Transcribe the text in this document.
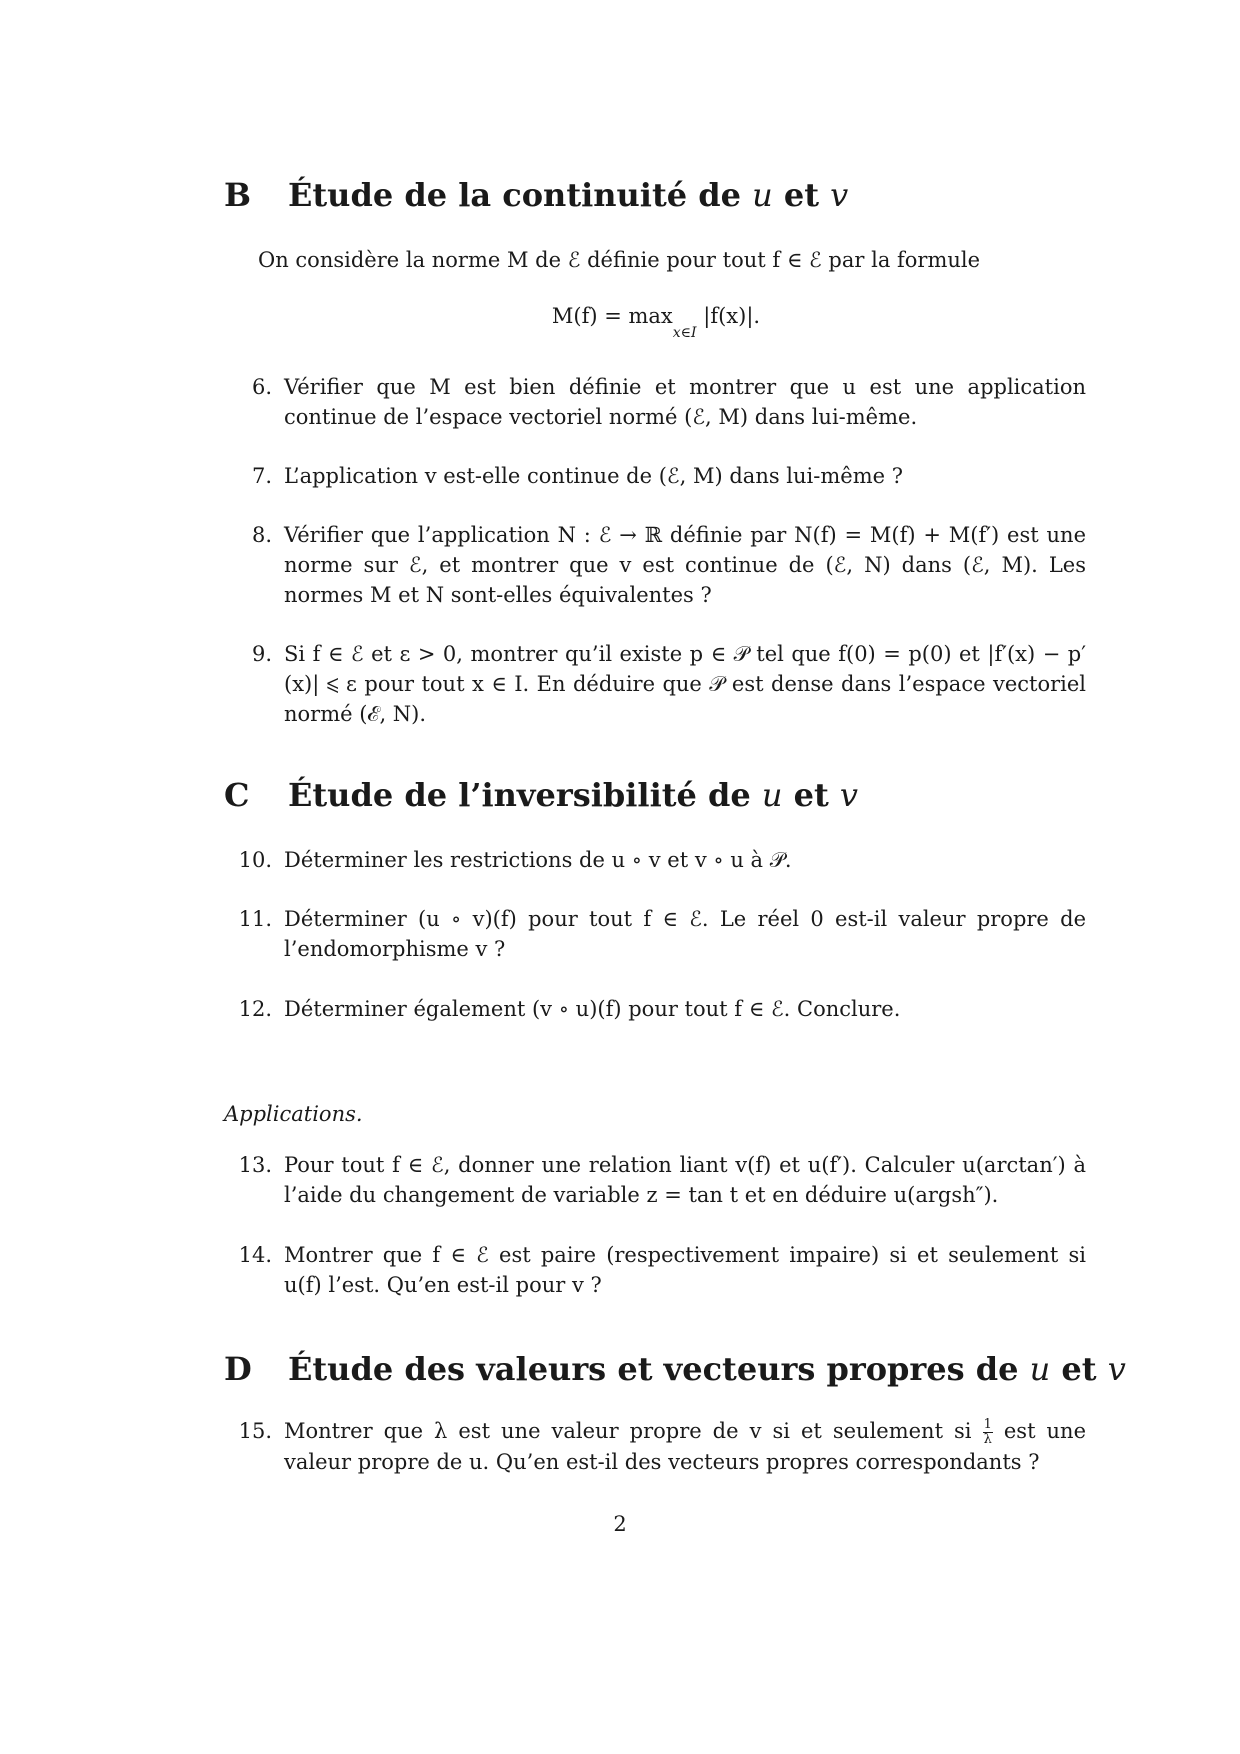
B	Étude de la continuité de
u
et
v
On considère la norme M de ℰ définie pour tout f ∈ ℰ par la formule
M(f) = max
x∈I
|f(x)|.
6. Vérifier que M est bien définie et montrer que u est une application continue de l’espace vectoriel normé (ℰ, M) dans lui-même.
7. L’application v est-elle continue de (ℰ, M) dans lui-même ?
8. Vérifier que l’application N : ℰ → ℝ définie par N(f) = M(f) + M(f′) est une norme sur ℰ, et montrer que v est continue de (ℰ, N) dans (ℰ, M). Les normes M et N sont-elles équivalentes ?
9. Si f ∈ ℰ et ε > 0, montrer qu’il existe p ∈ 𝒫 tel que f(0) = p(0) et |f′(x) − p′(x)| ⩽ ε pour tout x ∈ I. En déduire que 𝒫 est dense dans l’espace vectoriel normé (ℰ, N).
C	Étude de l’inversibilité de
u
et
v
10. Déterminer les restrictions de u ∘ v et v ∘ u à 𝒫.
11. Déterminer (u ∘ v)(f) pour tout f ∈ ℰ. Le réel 0 est-il valeur propre de l’endomorphisme v ?
12. Déterminer également (v ∘ u)(f) pour tout f ∈ ℰ. Conclure.
Applications.
13. Pour tout f ∈ ℰ, donner une relation liant v(f) et u(f′). Calculer u(arctan′) à l’aide du changement de variable z = tan t et en déduire u(argsh″).
14. Montrer que f ∈ ℰ est paire (respectivement impaire) si et seulement si u(f) l’est. Qu’en est-il pour v ?
D	Étude des valeurs et vecteurs propres de
u
et
v
15. Montrer que λ est une valeur propre de v si et seulement si $\frac{1}{\lambda}$ est une valeur propre de u. Qu’en est-il des vecteurs propres correspondants ?
2
